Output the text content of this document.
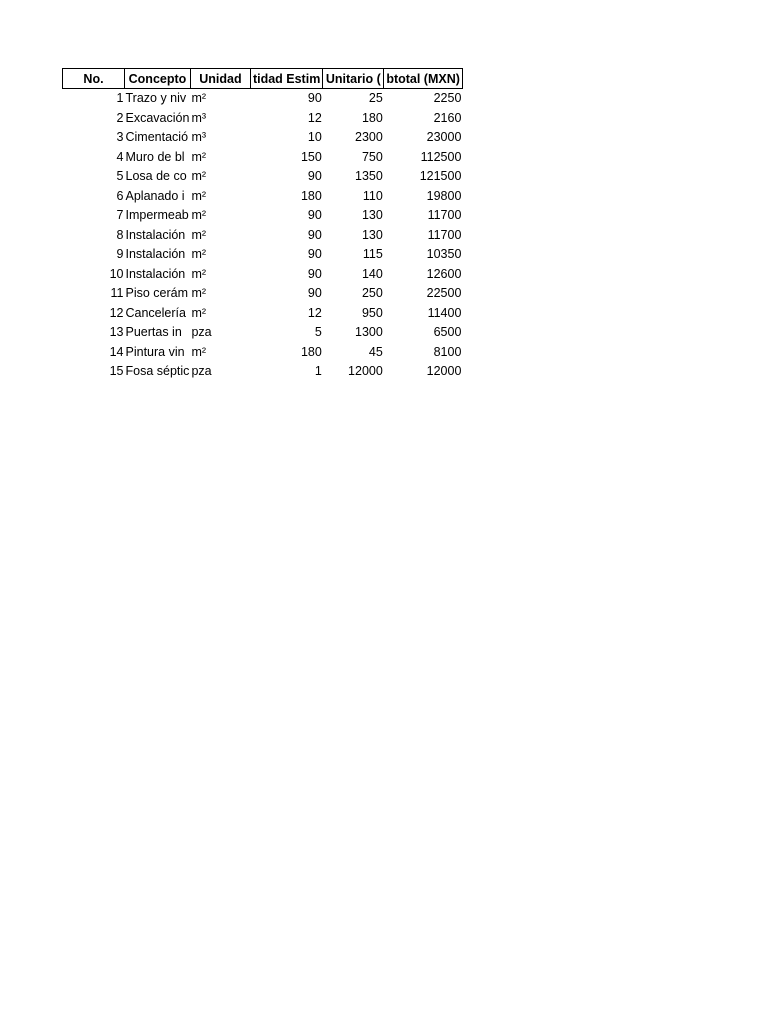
No.	Concepto	Unidad	tidad Estim	Unitario (	btotal (MXN)
1	Trazo y niv	m²	90	25	2250
2	Excavación	m³	12	180	2160
3	Cimentació	m³	10	2300	23000
4	Muro de bl	m²	150	750	112500
5	Losa de co	m²	90	1350	121500
6	Aplanado i	m²	180	110	19800
7	Impermeab	m²	90	130	11700
8	Instalación	m²	90	130	11700
9	Instalación	m²	90	115	10350
10	Instalación	m²	90	140	12600
11	Piso cerám	m²	90	250	22500
12	Cancelería	m²	12	950	11400
13	Puertas in	pza	5	1300	6500
14	Pintura vin	m²	180	45	8100
15	Fosa séptic	pza	1	12000	12000
